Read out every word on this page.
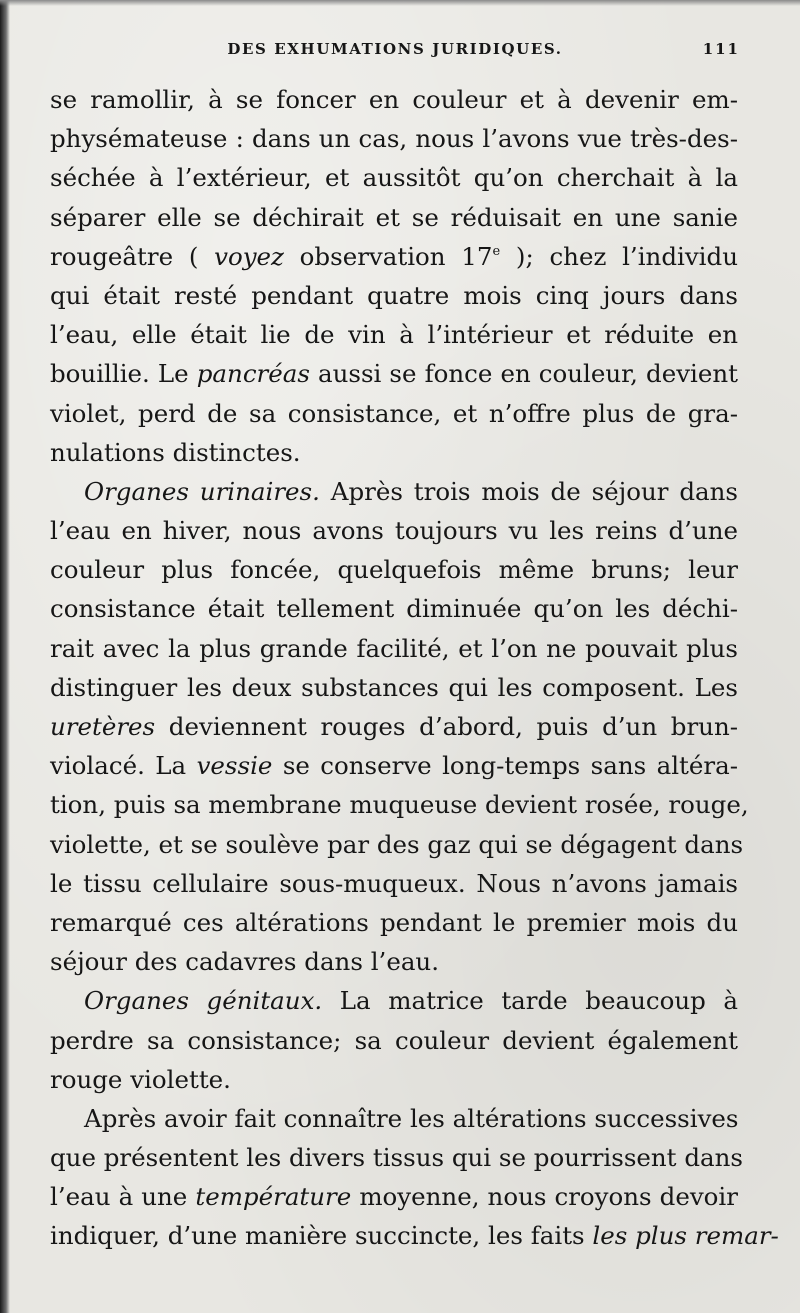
DES EXHUMATIONS JURIDIQUES.	111
se ramollir, à se foncer en couleur et à devenir em-
physémateuse : dans un cas, nous l’avons vue très-des-
séchée à l’extérieur, et aussitôt qu’on cherchait à la
séparer elle se déchirait et se réduisait en une sanie
rougeâtre ( voyez observation 17e ); chez l’individu
qui était resté pendant quatre mois cinq jours dans
l’eau, elle était lie de vin à l’intérieur et réduite en
bouillie. Le pancréas aussi se fonce en couleur, devient
violet, perd de sa consistance, et n’offre plus de gra-
nulations distinctes.
Organes urinaires. Après trois mois de séjour dans
l’eau en hiver, nous avons toujours vu les reins d’une
couleur plus foncée, quelquefois même bruns; leur
consistance était tellement diminuée qu’on les déchi-
rait avec la plus grande facilité, et l’on ne pouvait plus
distinguer les deux substances qui les composent. Les
uretères deviennent rouges d’abord, puis d’un brun-
violacé. La vessie se conserve long-temps sans altéra-
tion, puis sa membrane muqueuse devient rosée, rouge,
violette, et se soulève par des gaz qui se dégagent dans
le tissu cellulaire sous-muqueux. Nous n’avons jamais
remarqué ces altérations pendant le premier mois du
séjour des cadavres dans l’eau.
Organes génitaux. La matrice tarde beaucoup à
perdre sa consistance; sa couleur devient également
rouge violette.
Après avoir fait connaître les altérations successives
que présentent les divers tissus qui se pourrissent dans
l’eau à une température moyenne, nous croyons devoir
indiquer, d’une manière succincte, les faits les plus remar-
